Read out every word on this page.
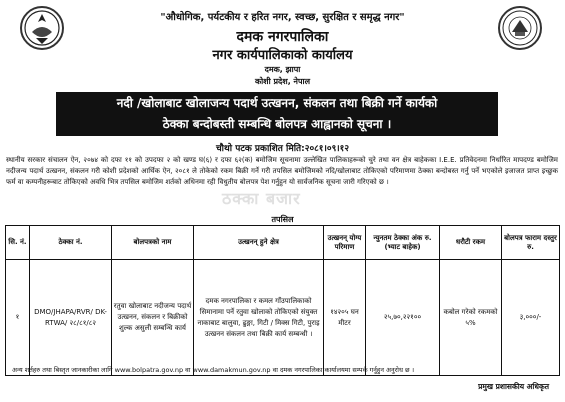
"औधोगिक, पर्यटकीय र हरित नगर, स्वच्छ, सुरक्षित र समृद्ध नगर"
दमक नगरपालिका
नगर कार्यपालिकाको कार्यालय
दमक, झापा
कोशी प्रदेश, नेपाल
नदी /खोलाबाट खोलाजन्य पदार्थ उत्खनन, संकलन तथा बिक्री गर्ने कार्यको
ठेक्का बन्दोबस्ती सम्बन्धि बोलपत्र आह्वानको सूचना ।
चौथो पटक प्रकाशित मिति:२०८१।०९।१२
स्थानीय सरकार संचालन ऐन, २०७४ को दफा ११ को उपदफा २ को खण्ड घ(६) र दफा ६२(क) बमोजिम सूचनामा उल्लेखित पालिकाहरूको चुरे तथा वन क्षेत्र बाहेकका I.E.E. प्रतिवेदनमा निर्धारित मापदण्ड बमोजिम नदीजन्य पदार्थ उत्खनन, संकलन गरी कोशी प्रदेशको आर्थिक ऐन, २०८१ ले तोकेको रकम बिक्री गर्ने गरी तपसिल बमोजिमको नदि/खोलाबाट तोकिएको परिमाणमा ठेक्का बन्दोबस्त गर्नु पर्ने भएकोले इजाजत प्राप्त इच्छुक फर्म वा कम्पनीहरूबाट तोकिएको अवधि भित्र तपसिल बमोजिम शर्तको अधिनमा रही विधुतीय बोलपत्र पेश गर्नुहुन यो सार्वजनिक सूचना जारी गरिएको छ ।
ठक्का बजार
तपसिल
सि. नं.	ठेक्का नं.	बोलपत्रको नाम	उत्खनन् हुने क्षेत्र	उत्खनन् योग्य परिमाण	न्युनतम ठेक्का अंक रु. (भ्याट बाहेक)	धरौटी रकम	बोलपत्र फाराम दस्तुर रु.
१	DMO/JHAPA/RVR/ DK-RTWA/ २८/८१/८२	रतुवा खोलाबाट नदीजन्य पदार्थ उत्खनन, संकलन र बिक्रीको शुल्क असुली सम्बन्धि कार्य	दमक नगरपालिका र कमल गाँउपालिकाको सिमानामा पर्ने रतुवा खोलाको तोकिएको संयुक्त नाकाबाट बालुवा, ढुङ्गा, गिटी / मिक्स गिटी, पुराइ उत्खनन संकलन तथा बिक्री कार्य सम्बन्धी ।	१४२०५ घन मीटर	२५,७०,२२१००	कबोल गरेको रकमको ५%	३,०००/-
अन्य शर्तहरु तथा बिस्तृत जानकारीका लागि www.bolpatra.gov.np वा www.damakmun.gov.np वा दमक नगरपालिका कार्यालयमा सम्पर्क गर्नुहुन अनुरोध छ ।
प्रमुख प्रशासकीय अधिकृत
